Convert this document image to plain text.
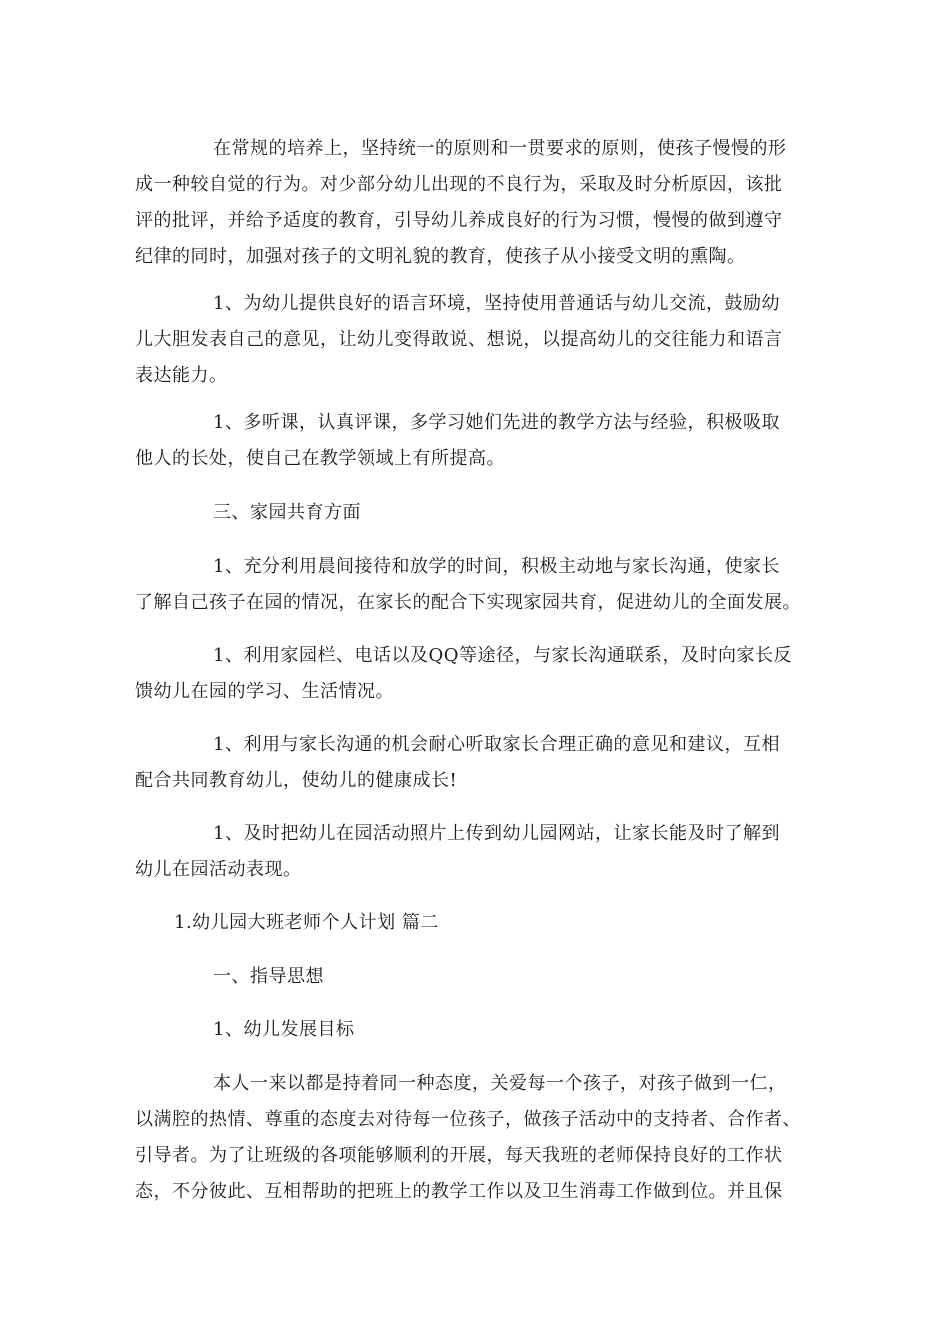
在常规的培养上，坚持统一的原则和一贯要求的原则，使孩子慢慢的形
成一种较自觉的行为。对少部分幼儿出现的不良行为，采取及时分析原因，该批
评的批评，并给予适度的教育，引导幼儿养成良好的行为习惯，慢慢的做到遵守
纪律的同时，加强对孩子的文明礼貌的教育，使孩子从小接受文明的熏陶。
1、为幼儿提供良好的语言环境，坚持使用普通话与幼儿交流，鼓励幼
儿大胆发表自己的意见，让幼儿变得敢说、想说，以提高幼儿的交往能力和语言
表达能力。
1、多听课，认真评课，多学习她们先进的教学方法与经验，积极吸取
他人的长处，使自己在教学领域上有所提高。
三、家园共育方面
1、充分利用晨间接待和放学的时间，积极主动地与家长沟通，使家长
了解自己孩子在园的情况，在家长的配合下实现家园共育，促进幼儿的全面发展。
1、利用家园栏、电话以及QQ等途径，与家长沟通联系，及时向家长反
馈幼儿在园的学习、生活情况。
1、利用与家长沟通的机会耐心听取家长合理正确的意见和建议，互相
配合共同教育幼儿，使幼儿的健康成长!
1、及时把幼儿在园活动照片上传到幼儿园网站，让家长能及时了解到
幼儿在园活动表现。
1.幼儿园大班老师个人计划 篇二
一、指导思想
1、幼儿发展目标
本人一来以都是持着同一种态度，关爱每一个孩子，对孩子做到一仁，
以满腔的热情、尊重的态度去对待每一位孩子，做孩子活动中的支持者、合作者、
引导者。为了让班级的各项能够顺利的开展，每天我班的老师保持良好的工作状
态，不分彼此、互相帮助的把班上的教学工作以及卫生消毒工作做到位。并且保
